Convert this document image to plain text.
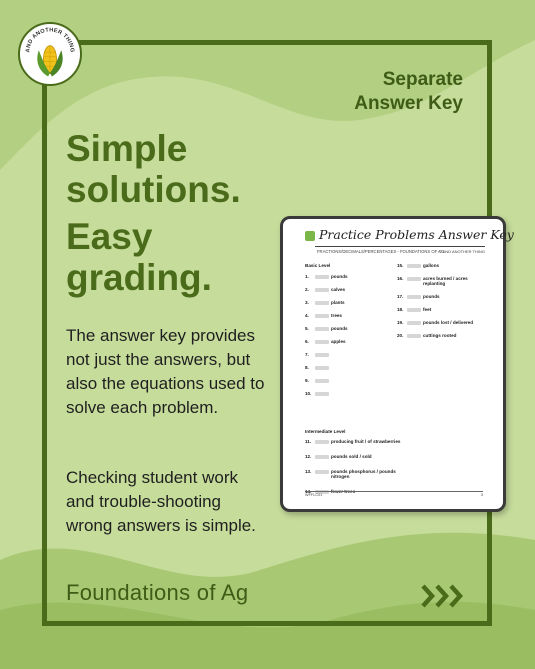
AND ANOTHER THING
Separate
Answer Key
Simple
solutions.
Easy
grading.

The answer key provides not just the answers, but also the equations used to solve each problem.

Checking student work and trouble-shooting wrong answers is simple.

Foundations of Ag
Practice Problems Answer Key
FRACTIONS/DECIMALS/PERCENTAGES - FOUNDATIONS OF AG
© AND ANOTHER THING
Basic Level
1.	pounds
2.	calves
3.	plants
4.	trees
5.	pounds
6.	apples
7.
8.
9.
10.
15.	gallons
16.	acres burned / acres replanting
17.	pounds
18.	feet
19.	pounds lost / delivered
20.	cuttings rooted
Intermediate Level
11.	producing fruit / of strawberries
12.	pounds sold / sold
13.	pounds phosphorus / pounds nitrogen
14.	fewer trees
WFFLC01	3
